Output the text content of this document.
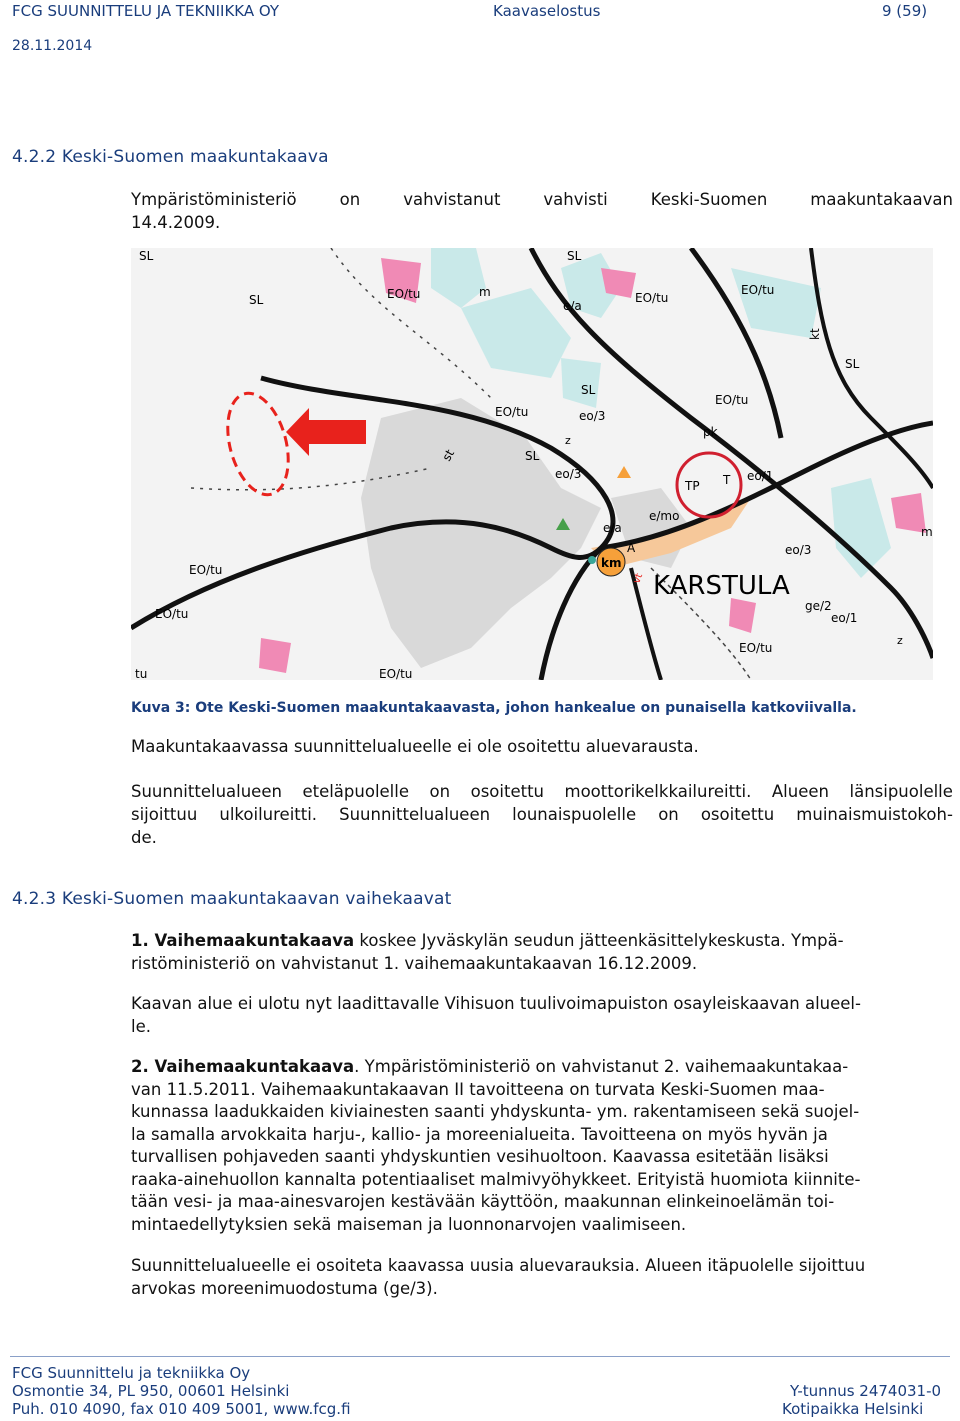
FCG SUUNNITTELU JA TEKNIIKKA OY	Kaavaselostus	9 (59)
28.11.2014
4.2.2 Keski-Suomen maakuntakaava
Ympäristöministeriö	on	vahvistanut	vahvisti	Keski-Suomen	maakuntakaavan
14.4.2009.
SL
SL	EO/tu	m
e/a
SL
EO/tu
EO/tu
kt
SL
SL
EO/tu
EO/tu	eo/3
pk
z
st	SL
eo/3
TP T eo/1
e/mo
e/a
A	eo/3
m
km
vt KARSTULA
ge/2
eo/1
z
EO/tu
EO/tu
EO/tu
tu	EO/tu
Kuva 3: Ote Keski-Suomen maakuntakaavasta, johon hankealue on punaisella katkoviivalla.
Maakuntakaavassa suunnittelualueelle ei ole osoitettu aluevarausta.
Suunnittelualueen eteläpuolelle on osoitettu moottorikelkkailureitti. Alueen länsipuolelle
sijoittuu ulkoilureitti. Suunnittelualueen lounaispuolelle on osoitettu muinaismuistokoh-
de.
4.2.3 Keski-Suomen maakuntakaavan vaihekaavat
1. Vaihemaakuntakaava koskee Jyväskylän seudun jätteenkäsittelykeskusta. Ympä-
ristöministeriö on vahvistanut 1. vaihemaakuntakaavan 16.12.2009.
Kaavan alue ei ulotu nyt laadittavalle Vihisuon tuulivoimapuiston osayleiskaavan alueel-
le.
2. Vaihemaakuntakaava. Ympäristöministeriö on vahvistanut 2. vaihemaakuntakaa-
van 11.5.2011. Vaihemaakuntakaavan II tavoitteena on turvata Keski-Suomen maa-
kunnassa laadukkaiden kiviainesten saanti yhdyskunta- ym. rakentamiseen sekä suojel-
la samalla arvokkaita harju-, kallio- ja moreenialueita. Tavoitteena on myös hyvän ja
turvallisen pohjaveden saanti yhdyskuntien vesihuoltoon. Kaavassa esitetään lisäksi
raaka-ainehuollon kannalta potentiaaliset malmivyöhykkeet. Erityistä huomiota kiinnite-
tään vesi- ja maa-ainesvarojen kestävään käyttöön, maakunnan elinkeinoelämän toi-
mintaedellytyksien sekä maiseman ja luonnonarvojen vaalimiseen.
Suunnittelualueelle ei osoiteta kaavassa uusia aluevarauksia. Alueen itäpuolelle sijoittuu
arvokas moreenimuodostuma (ge/3).
FCG Suunnittelu ja tekniikka Oy
Osmontie 34, PL 950, 00601 Helsinki
Puh. 010 4090, fax 010 409 5001, www.fcg.fi
Y-tunnus 2474031-0
Kotipaikka Helsinki
